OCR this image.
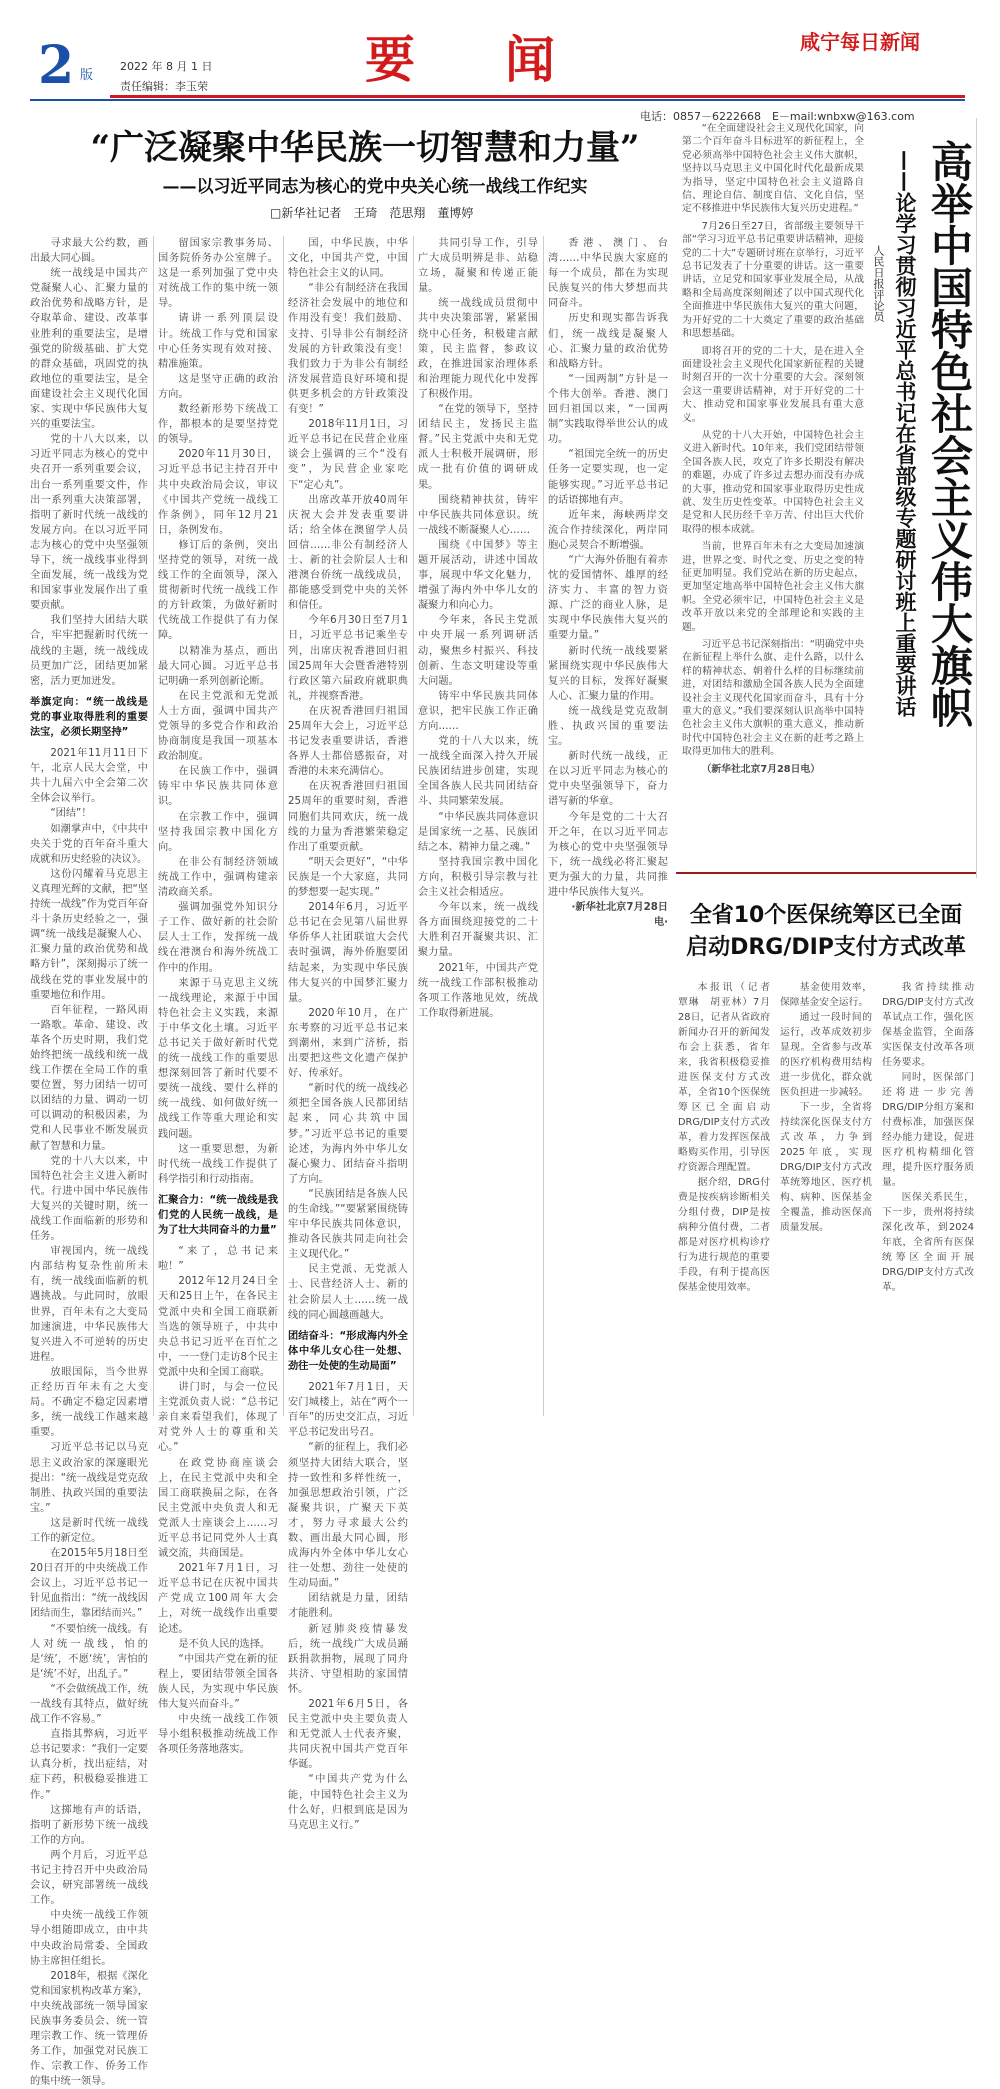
2 版
2022 年 8 月 1 日
责任编辑：李玉荣	要闻	咸宁每日新闻
电话：0857－6222668　E－mail:wnbxw@163.com
“广泛凝聚中华民族一切智慧和力量”
——以习近平同志为核心的党中央关心统一战线工作纪实
□新华社记者　王琦　范思翔　董博婷

寻求最大公约数，画出最大同心圆。

统一战线是中国共产党凝聚人心、汇聚力量的政治优势和战略方针，是夺取革命、建设、改革事业胜利的重要法宝，是增强党的阶级基础、扩大党的群众基础，巩固党的执政地位的重要法宝，是全面建设社会主义现代化国家、实现中华民族伟大复兴的重要法宝。

党的十八大以来，以习近平同志为核心的党中央召开一系列重要会议，出台一系列重要文件，作出一系列重大决策部署，指明了新时代统一战线的发展方向。在以习近平同志为核心的党中央坚强领导下，统一战线事业得到全面发展，统一战线为党和国家事业发展作出了重要贡献。

我们坚持大团结大联合，牢牢把握新时代统一战线的主题，统一战线成员更加广泛，团结更加紧密，活力更加迸发。

举旗定向：“统一战线是党的事业取得胜利的重要法宝，必须长期坚持”

2021年11月11日下午，北京人民大会堂，中共十九届六中全会第二次全体会议举行。

“团结”！

如潮掌声中，《中共中央关于党的百年奋斗重大成就和历史经验的决议》。

这份闪耀着马克思主义真理光辉的文献，把“坚持统一战线”作为党百年奋斗十条历史经验之一，强调“统一战线是凝聚人心、汇聚力量的政治优势和战略方针”，深刻揭示了统一战线在党的事业发展中的重要地位和作用。

百年征程，一路风雨一路歌。革命、建设、改革各个历史时期，我们党始终把统一战线和统一战线工作摆在全局工作的重要位置，努力团结一切可以团结的力量、调动一切可以调动的积极因素，为党和人民事业不断发展贡献了智慧和力量。

党的十八大以来，中国特色社会主义进入新时代。行进中国中华民族伟大复兴的关键时期，统一战线工作面临新的形势和任务。

审视国内，统一战线内部结构复杂性前所未有，统一战线面临新的机遇挑战。与此同时，放眼世界，百年未有之大变局加速演进，中华民族伟大复兴进入不可逆转的历史进程。

放眼国际，当今世界正经历百年未有之大变局。不确定不稳定因素增多，统一战线工作越来越重要。

习近平总书记以马克思主义政治家的深邃眼光提出：“统一战线是党克敌制胜、执政兴国的重要法宝。”

这是新时代统一战线工作的新定位。

在2015年5月18日至20日召开的中央统战工作会议上，习近平总书记一针见血指出：“统一战线因团结而生，靠团结而兴。”

“不要怕统一战线。有人对统一战线，怕的是‘统’，不愿‘统’，害怕的是‘统’不好，出乱子。”

“不会做统战工作，统一战线有其特点，做好统战工作不容易。”

直指其弊病，习近平总书记要求：“我们一定要认真分析，找出症结，对症下药，积极稳妥推进工作。”

这掷地有声的话语，指明了新形势下统一战线工作的方向。

两个月后，习近平总书记主持召开中央政治局会议，研究部署统一战线工作。

中央统一战线工作领导小组随即成立，由中共中央政治局常委、全国政协主席担任组长。

2018年，根据《深化党和国家机构改革方案》，中央统战部统一领导国家民族事务委员会、统一管理宗教工作、统一管理侨务工作，加强党对民族工作、宗教工作、侨务工作的集中统一领导。

留国家宗教事务局、国务院侨务办公室牌子。这是一系列加强了党中央对统战工作的集中统一领导。

请讲一系列顶层设计。统战工作与党和国家中心任务实现有效对接、精准施策。

这是坚守正确的政治方向。

数经新形势下统战工作，都根本的是要坚持党的领导。

2020年11月30日，习近平总书记主持召开中共中央政治局会议，审议《中国共产党统一战线工作条例》，同年12月21日，条例发布。

修订后的条例，突出坚持党的领导，对统一战线工作的全面领导，深入贯彻新时代统一战线工作的方针政策，为做好新时代统战工作提供了有力保障。

以精准为基点，画出最大同心圆。习近平总书记明确一系列创新论断。

在民主党派和无党派人士方面，强调中国共产党领导的多党合作和政治协商制度是我国一项基本政治制度。

在民族工作中，强调铸牢中华民族共同体意识。

在宗教工作中，强调坚持我国宗教中国化方向。

在非公有制经济领域统战工作中，强调构建亲清政商关系。

强调加强党外知识分子工作、做好新的社会阶层人士工作，发挥统一战线在港澳台和海外统战工作中的作用。

来源于马克思主义统一战线理论，来源于中国特色社会主义实践，来源于中华文化土壤。习近平总书记关于做好新时代党的统一战线工作的重要思想深刻回答了新时代要不要统一战线、要什么样的统一战线、如何做好统一战线工作等重大理论和实践问题。

这一重要思想，为新时代统一战线工作提供了科学指引和行动指南。

汇聚合力：“统一战线是我们党的人民统一战线，是为了壮大共同奋斗的力量”

“来了，总书记来啦！”

2012年12月24日全天和25日上午，在各民主党派中央和全国工商联新当选的领导班子，中共中央总书记习近平在百忙之中，一一登门走访8个民主党派中央和全国工商联。

讲门时，与会一位民主党派负责人说：“总书记亲自来看望我们，体现了对党外人士的尊重和关心。”

在政党协商座谈会上，在民主党派中央和全国工商联换届之际，在各民主党派中央负责人和无党派人士座谈会上……习近平总书记同党外人士真诚交流，共商国是。

2021年7月1日，习近平总书记在庆祝中国共产党成立100周年大会上，对统一战线作出重要论述。

是不负人民的选择。

“中国共产党在新的征程上，要团结带领全国各族人民，为实现中华民族伟大复兴而奋斗。”

中央统一战线工作领导小组积极推动统战工作各项任务落地落实。

国，中华民族，中华文化，中国共产党，中国特色社会主义的认同。

“非公有制经济在我国经济社会发展中的地位和作用没有变！我们鼓励、支持、引导非公有制经济发展的方针政策没有变！我们致力于为非公有制经济发展营造良好环境和提供更多机会的方针政策没有变！”

2018年11月1日，习近平总书记在民营企业座谈会上强调的三个“没有变”，为民营企业家吃下“定心丸”。

出席改革开放40周年庆祝大会并发表重要讲话；给全体在澳留学人员回信……非公有制经济人士、新的社会阶层人士和港澳台侨统一战线成员，都能感受到党中央的关怀和信任。

今年6月30日至7月1日，习近平总书记乘坐专列，出席庆祝香港回归祖国25周年大会暨香港特别行政区第六届政府就职典礼，并视察香港。

在庆祝香港回归祖国25周年大会上，习近平总书记发表重要讲话，香港各界人士都倍感振奋，对香港的未来充满信心。

在庆祝香港回归祖国25周年的重要时刻，香港同胞们共同欢庆，统一战线的力量为香港繁荣稳定作出了重要贡献。

“明天会更好”，“中华民族是一个大家庭，共同的梦想要一起实现。”

2014年6月，习近平总书记在会见第八届世界华侨华人社团联谊大会代表时强调，海外侨胞要团结起来，为实现中华民族伟大复兴的中国梦汇聚力量。

2020年10月，在广东考察的习近平总书记来到潮州，来到广济桥，指出要把这些文化遗产保护好、传承好。

“新时代的统一战线必须把全国各族人民都团结起来，同心共筑中国梦。”习近平总书记的重要论述，为海内外中华儿女凝心聚力、团结奋斗指明了方向。

“民族团结是各族人民的生命线。”“要紧紧围绕铸牢中华民族共同体意识，推动各民族共同走向社会主义现代化。”

民主党派、无党派人士、民营经济人士、新的社会阶层人士……统一战线的同心圆越画越大。

团结奋斗：“形成海内外全体中华儿女心往一处想、劲往一处使的生动局面”

2021年7月1日，天安门城楼上，站在“两个一百年”的历史交汇点，习近平总书记发出号召。

“新的征程上，我们必须坚持大团结大联合，坚持一致性和多样性统一，加强思想政治引领，广泛凝聚共识，广聚天下英才，努力寻求最大公约数、画出最大同心圆，形成海内外全体中华儿女心往一处想、劲往一处使的生动局面。”

团结就是力量，团结才能胜利。

新冠肺炎疫情暴发后，统一战线广大成员踊跃捐款捐物，展现了同舟共济、守望相助的家国情怀。

2021年6月5日，各民主党派中央主要负责人和无党派人士代表齐聚，共同庆祝中国共产党百年华诞。

“中国共产党为什么能，中国特色社会主义为什么好，归根到底是因为马克思主义行。”

共同引导工作，引导广大成员明辨是非、站稳立场，凝聚和传递正能量。

统一战线成员贯彻中共中央决策部署，紧紧围绕中心任务，积极建言献策，民主监督，参政议政，在推进国家治理体系和治理能力现代化中发挥了积极作用。

“在党的领导下，坚持团结民主，发扬民主监督。”民主党派中央和无党派人士积极开展调研，形成一批有价值的调研成果。

围绕精神扶贫，铸牢中华民族共同体意识。统一战线不断凝聚人心……

围绕《中国梦》等主题开展活动，讲述中国故事，展现中华文化魅力，增强了海内外中华儿女的凝聚力和向心力。

今年来，各民主党派中央开展一系列调研活动，聚焦乡村振兴、科技创新、生态文明建设等重大问题。

铸牢中华民族共同体意识，把牢民族工作正确方向……

党的十八大以来，统一战线全面深入持久开展民族团结进步创建，实现全国各族人民共同团结奋斗、共同繁荣发展。

“中华民族共同体意识是国家统一之基、民族团结之本、精神力量之魂。”

坚持我国宗教中国化方向，积极引导宗教与社会主义社会相适应。

今年以来，统一战线各方面围绕迎接党的二十大胜利召开凝聚共识、汇聚力量。

2021年，中国共产党统一战线工作部积极推动各项工作落地见效，统战工作取得新进展。

香港、澳门、台湾……中华民族大家庭的每一个成员，都在为实现民族复兴的伟大梦想而共同奋斗。

历史和现实都告诉我们，统一战线是凝聚人心、汇聚力量的政治优势和战略方针。

“一国两制”方针是一个伟大创举。香港、澳门回归祖国以来，“一国两制”实践取得举世公认的成功。

“祖国完全统一的历史任务一定要实现，也一定能够实现。”习近平总书记的话语掷地有声。

近年来，海峡两岸交流合作持续深化，两岸同胞心灵契合不断增强。

“广大海外侨胞有着赤忱的爱国情怀、雄厚的经济实力、丰富的智力资源、广泛的商业人脉，是实现中华民族伟大复兴的重要力量。”

新时代统一战线要紧紧围绕实现中华民族伟大复兴的目标，发挥好凝聚人心、汇聚力量的作用。

统一战线是党克敌制胜、执政兴国的重要法宝。

新时代统一战线，正在以习近平同志为核心的党中央坚强领导下，奋力谱写新的华章。

今年是党的二十大召开之年，在以习近平同志为核心的党中央坚强领导下，统一战线必将汇聚起更为强大的力量，共同推进中华民族伟大复兴。

·新华社北京7月28日电·

高举中国特色社会主义伟大旗帜
——论学习贯彻习近平总书记在省部级专题研讨班上重要讲话
人民日报评论员

“在全面建设社会主义现代化国家，向第二个百年奋斗目标进军的新征程上，全党必须高举中国特色社会主义伟大旗帜，坚持以马克思主义中国化时代化最新成果为指导，坚定中国特色社会主义道路自信、理论自信、制度自信、文化自信，坚定不移推进中华民族伟大复兴历史进程。”

7月26日至27日，省部级主要领导干部“学习习近平总书记重要讲话精神，迎接党的二十大”专题研讨班在京举行，习近平总书记发表了十分重要的讲话。这一重要讲话，立足党和国家事业发展全局，从战略和全局高度深刻阐述了以中国式现代化全面推进中华民族伟大复兴的重大问题，为开好党的二十大奠定了重要的政治基础和思想基础。

即将召开的党的二十大，是在进入全面建设社会主义现代化国家新征程的关键时刻召开的一次十分重要的大会。深刻领会这一重要讲话精神，对于开好党的二十大、推动党和国家事业发展具有重大意义。

从党的十八大开始，中国特色社会主义进入新时代。10年来，我们党团结带领全国各族人民，攻克了许多长期没有解决的难题，办成了许多过去想办而没有办成的大事，推动党和国家事业取得历史性成就、发生历史性变革。中国特色社会主义是党和人民历经千辛万苦、付出巨大代价取得的根本成就。

当前，世界百年未有之大变局加速演进，世界之变、时代之变、历史之变的特征更加明显。我们党站在新的历史起点，更加坚定地高举中国特色社会主义伟大旗帜。全党必须牢记，中国特色社会主义是改革开放以来党的全部理论和实践的主题。

习近平总书记深刻指出：“明确党中央在新征程上举什么旗、走什么路，以什么样的精神状态、朝着什么样的目标继续前进，对团结和激励全国各族人民为全面建设社会主义现代化国家而奋斗，具有十分重大的意义。”我们要深刻认识高举中国特色社会主义伟大旗帜的重大意义，推动新时代中国特色社会主义在新的赶考之路上取得更加伟大的胜利。

（新华社北京7月28日电）

全省10个医保统筹区已全面
启动DRG/DIP支付方式改革

本报讯（记者　覃琳　胡亚林）7月28日，记者从省政府新闻办召开的新闻发布会上获悉，省年来，我省积极稳妥推进医保支付方式改革，全省10个医保统筹区已全面启动DRG/DIP支付方式改革，着力发挥医保战略购买作用，引导医疗资源合理配置。

据介绍，DRG付费是按疾病诊断相关分组付费，DIP是按病种分值付费，二者都是对医疗机构诊疗行为进行规范的重要手段，有利于提高医保基金使用效率。

基金使用效率，保障基金安全运行。

通过一段时间的运行，改革成效初步显现。全省参与改革的医疗机构费用结构进一步优化，群众就医负担进一步减轻。

下一步，全省将持续深化医保支付方式改革，力争到2025年底，实现DRG/DIP支付方式改革统筹地区、医疗机构、病种、医保基金全覆盖，推动医保高质量发展。

我省持续推动DRG/DIP支付方式改革试点工作，强化医保基金监管，全面落实医保支付改革各项任务要求。

同时，医保部门还将进一步完善DRG/DIP分组方案和付费标准，加强医保经办能力建设，促进医疗机构精细化管理，提升医疗服务质量。

医保关系民生，下一步，贵州将持续深化改革，到2024年底，全省所有医保统筹区全面开展DRG/DIP支付方式改革。
